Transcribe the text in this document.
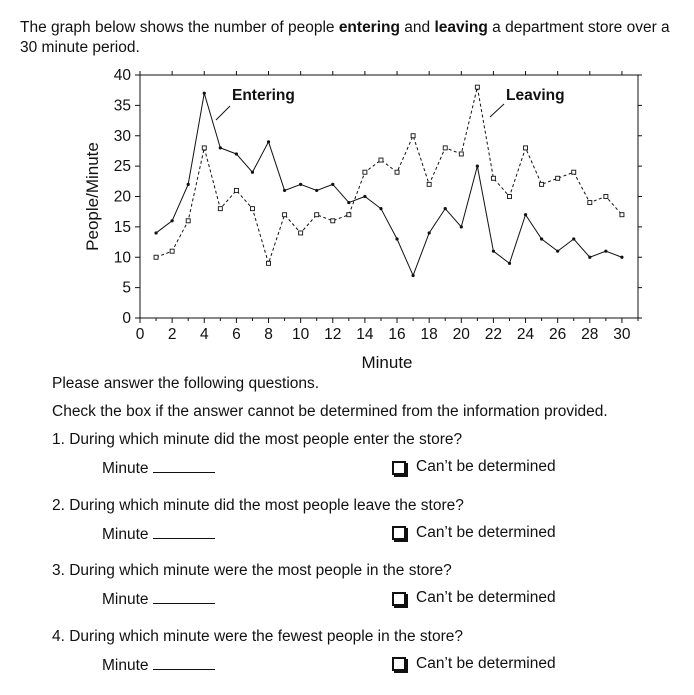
The graph below shows the number of people entering and leaving a department store over a 30 minute period.
0 2 4 6 8 10 12 14 16 18 20 22 24 26 28 30
0
5
10
15
20
25
30
35
40
Minute
People/Minute
Entering	Leaving
Please answer the following questions.
Check the box if the answer cannot be determined from the information provided.
1. During which minute did the most people enter the store?
Minute	Can’t be determined
2. During which minute did the most people leave the store?
Minute	Can’t be determined
3. During which minute were the most people in the store?
Minute	Can’t be determined
4. During which minute were the fewest people in the store?
Minute	Can’t be determined
